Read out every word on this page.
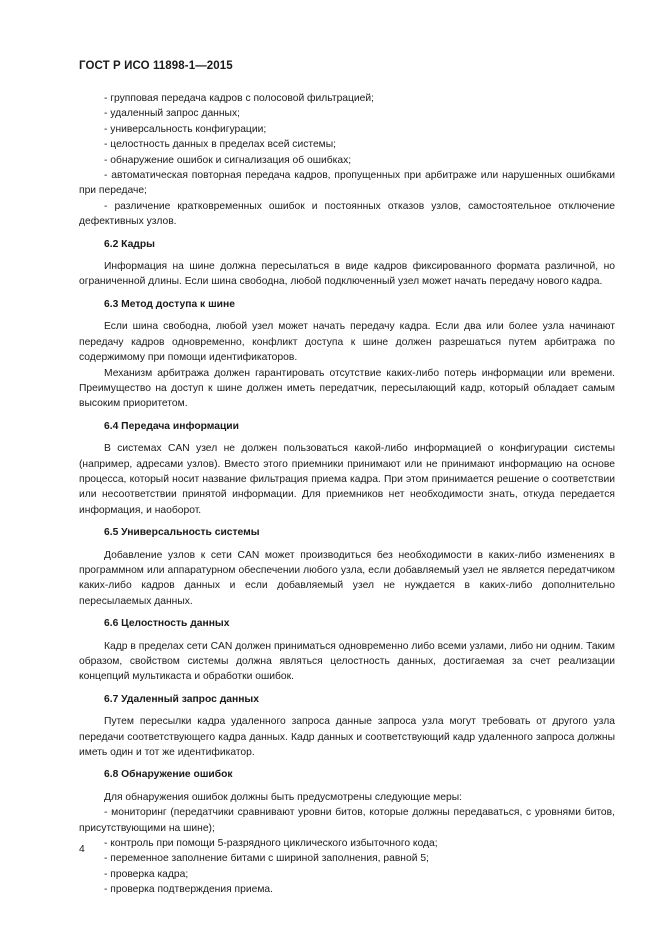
ГОСТ Р ИСО 11898-1—2015

- групповая передача кадров с полосовой фильтрацией;

- удаленный запрос данных;

- универсальность конфигурации;

- целостность данных в пределах всей системы;

- обнаружение ошибок и сигнализация об ошибках;

- автоматическая повторная передача кадров, пропущенных при арбитраже или нарушенных ошибками при передаче;

- различение кратковременных ошибок и постоянных отказов узлов, самостоятельное отключение дефективных узлов.

6.2 Кадры

Информация на шине должна пересылаться в виде кадров фиксированного формата различной, но ограниченной длины. Если шина свободна, любой подключенный узел может начать передачу нового кадра.

6.3 Метод доступа к шине

Если шина свободна, любой узел может начать передачу кадра. Если два или более узла начинают передачу кадров одновременно, конфликт доступа к шине должен разрешаться путем арбитража по содержимому при помощи идентификаторов.

Механизм арбитража должен гарантировать отсутствие каких-либо потерь информации или времени. Преимущество на доступ к шине должен иметь передатчик, пересылающий кадр, который обладает самым высоким приоритетом.

6.4 Передача информации

В системах CAN узел не должен пользоваться какой-либо информацией о конфигурации системы (например, адресами узлов). Вместо этого приемники принимают или не принимают информацию на основе процесса, который носит название фильтрация приема кадра. При этом принимается решение о соответствии или несоответствии принятой информации. Для приемников нет необходимости знать, откуда передается информация, и наоборот.

6.5 Универсальность системы

Добавление узлов к сети CAN может производиться без необходимости в каких-либо изменениях в программном или аппаратурном обеспечении любого узла, если добавляемый узел не является передатчиком каких-либо кадров данных и если добавляемый узел не нуждается в каких-либо дополнительно пересылаемых данных.

6.6 Целостность данных

Кадр в пределах сети CAN должен приниматься одновременно либо всеми узлами, либо ни одним. Таким образом, свойством системы должна являться целостность данных, достигаемая за счет реализации концепций мультикаста и обработки ошибок.

6.7 Удаленный запрос данных

Путем пересылки кадра удаленного запроса данные запроса узла могут требовать от другого узла передачи соответствующего кадра данных. Кадр данных и соответствующий кадр удаленного запроса должны иметь один и тот же идентификатор.

6.8 Обнаружение ошибок

Для обнаружения ошибок должны быть предусмотрены следующие меры:

- мониторинг (передатчики сравнивают уровни битов, которые должны передаваться, с уровнями битов, присутствующими на шине);

- контроль при помощи 5-разрядного циклического избыточного кода;

- переменное заполнение битами с шириной заполнения, равной 5;

- проверка кадра;

- проверка подтверждения приема.

4
